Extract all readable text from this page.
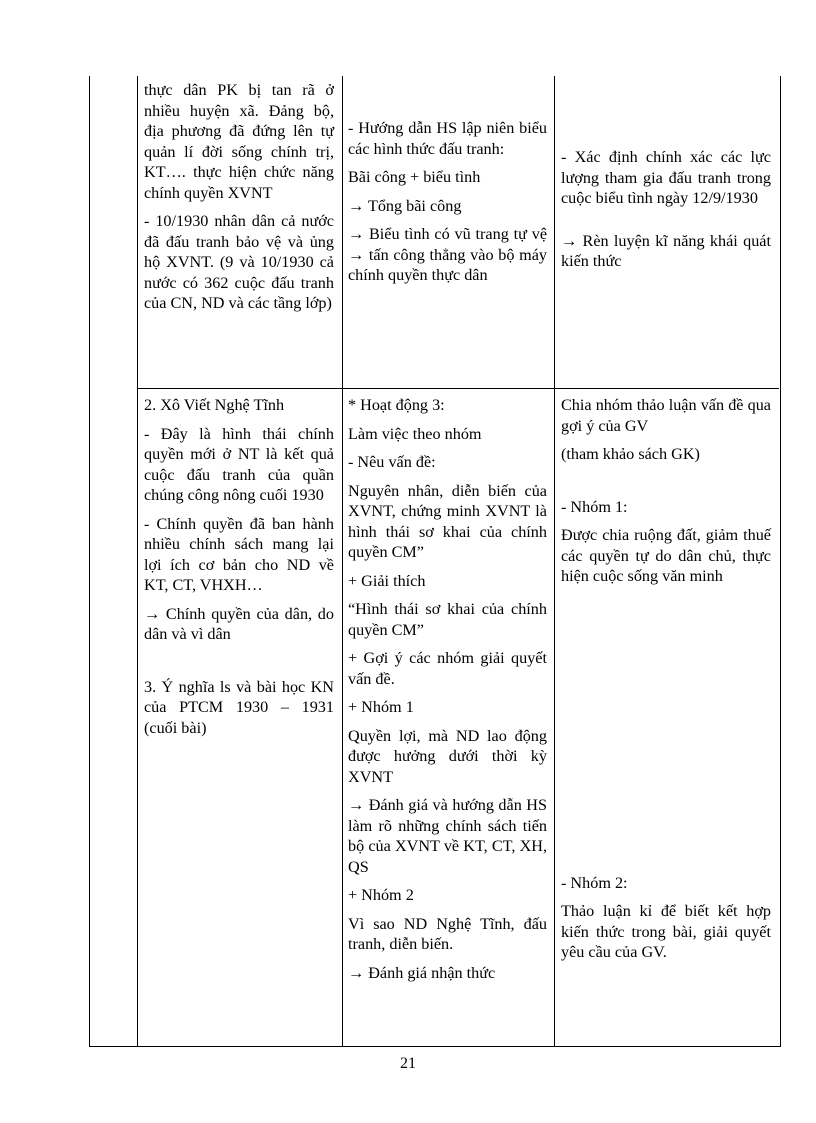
thực dân PK bị tan rã ở nhiều huyện xã. Đảng bộ, địa phương đã đứng lên tự quản lí đời sống chính trị, KT…. thực hiện chức năng chính quyền XVNT

- 10/1930 nhân dân cả nước đã đấu tranh bảo vệ và ủng hộ XVNT. (9 và 10/1930 cả nước có 362 cuộc đấu tranh của CN, ND và các tầng lớp)

- Hướng dẫn HS lập niên biểu các hình thức đấu tranh:

Bãi công + biểu tình

→ Tổng bãi công

→ Biểu tình có vũ trang tự vệ → tấn công thẳng vào bộ máy chính quyền thực dân

- Xác định chính xác các lực lượng tham gia đấu tranh trong cuộc biểu tình ngày 12/9/1930

→ Rèn luyện kĩ năng khái quát kiến thức

2. Xô Viết Nghệ Tĩnh

- Đây là hình thái chính quyền mới ở NT là kết quả cuộc đấu tranh của quần chúng công nông cuối 1930

- Chính quyền đã ban hành nhiều chính sách mang lại lợi ích cơ bản cho ND về KT, CT, VHXH…

→ Chính quyền của dân, do dân và vì dân

3. Ý nghĩa ls và bài học KN của PTCM 1930 – 1931 (cuối bài)

* Hoạt động 3:

Làm việc theo nhóm

- Nêu vấn đề:

Nguyên nhân, diễn biến của XVNT, chứng minh XVNT là hình thái sơ khai của chính quyền CM”

+ Giải thích

“Hình thái sơ khai của chính quyền CM”

+ Gợi ý các nhóm giải quyết vấn đề.

+ Nhóm 1

Quyền lợi, mà ND lao động được hưởng dưới thời kỳ XVNT

→ Đánh giá và hướng dẫn HS làm rõ những chính sách tiến bộ của XVNT về KT, CT, XH, QS

+ Nhóm 2

Vì sao ND Nghệ Tĩnh, đấu tranh, diễn biến.

→ Đánh giá nhận thức

Chia nhóm thảo luận vấn đề qua gợi ý của GV

(tham khảo sách GK)

- Nhóm 1:

Được chia ruộng đất, giảm thuế các quyền tự do dân chủ, thực hiện cuộc sống văn minh

- Nhóm 2:

Thảo luận kỉ để biết kết hợp kiến thức trong bài, giải quyết yêu cầu của GV.

21
